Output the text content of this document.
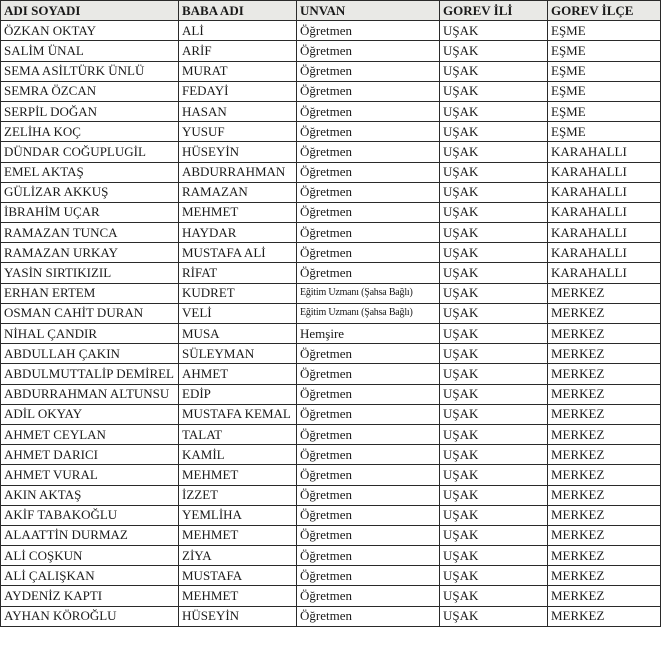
ADI SOYADI	BABA ADI	UNVAN	GOREV İLİ	GOREV İLÇE
ÖZKAN OKTAY	ALİ	Öğretmen	UŞAK	EŞME
SALİM ÜNAL	ARİF	Öğretmen	UŞAK	EŞME
SEMA ASİLTÜRK ÜNLÜ	MURAT	Öğretmen	UŞAK	EŞME
SEMRA ÖZCAN	FEDAYİ	Öğretmen	UŞAK	EŞME
SERPİL DOĞAN	HASAN	Öğretmen	UŞAK	EŞME
ZELİHA KOÇ	YUSUF	Öğretmen	UŞAK	EŞME
DÜNDAR COĞUPLUGİL	HÜSEYİN	Öğretmen	UŞAK	KARAHALLI
EMEL AKTAŞ	ABDURRAHMAN	Öğretmen	UŞAK	KARAHALLI
GÜLİZAR AKKUŞ	RAMAZAN	Öğretmen	UŞAK	KARAHALLI
İBRAHİM UÇAR	MEHMET	Öğretmen	UŞAK	KARAHALLI
RAMAZAN TUNCA	HAYDAR	Öğretmen	UŞAK	KARAHALLI
RAMAZAN URKAY	MUSTAFA ALİ	Öğretmen	UŞAK	KARAHALLI
YASİN SIRTIKIZIL	RİFAT	Öğretmen	UŞAK	KARAHALLI
ERHAN ERTEM	KUDRET	Eğitim Uzmanı (Şahsa Bağlı)	UŞAK	MERKEZ
OSMAN CAHİT DURAN	VELİ	Eğitim Uzmanı (Şahsa Bağlı)	UŞAK	MERKEZ
NİHAL ÇANDIR	MUSA	Hemşire	UŞAK	MERKEZ
ABDULLAH ÇAKIN	SÜLEYMAN	Öğretmen	UŞAK	MERKEZ
ABDULMUTTALİP DEMİREL	AHMET	Öğretmen	UŞAK	MERKEZ
ABDURRAHMAN ALTUNSU	EDİP	Öğretmen	UŞAK	MERKEZ
ADİL OKYAY	MUSTAFA KEMAL	Öğretmen	UŞAK	MERKEZ
AHMET CEYLAN	TALAT	Öğretmen	UŞAK	MERKEZ
AHMET DARICI	KAMİL	Öğretmen	UŞAK	MERKEZ
AHMET VURAL	MEHMET	Öğretmen	UŞAK	MERKEZ
AKIN AKTAŞ	İZZET	Öğretmen	UŞAK	MERKEZ
AKİF TABAKOĞLU	YEMLİHA	Öğretmen	UŞAK	MERKEZ
ALAATTİN DURMAZ	MEHMET	Öğretmen	UŞAK	MERKEZ
ALİ COŞKUN	ZİYA	Öğretmen	UŞAK	MERKEZ
ALİ ÇALIŞKAN	MUSTAFA	Öğretmen	UŞAK	MERKEZ
AYDENİZ KAPTI	MEHMET	Öğretmen	UŞAK	MERKEZ
AYHAN KÖROĞLU	HÜSEYİN	Öğretmen	UŞAK	MERKEZ
